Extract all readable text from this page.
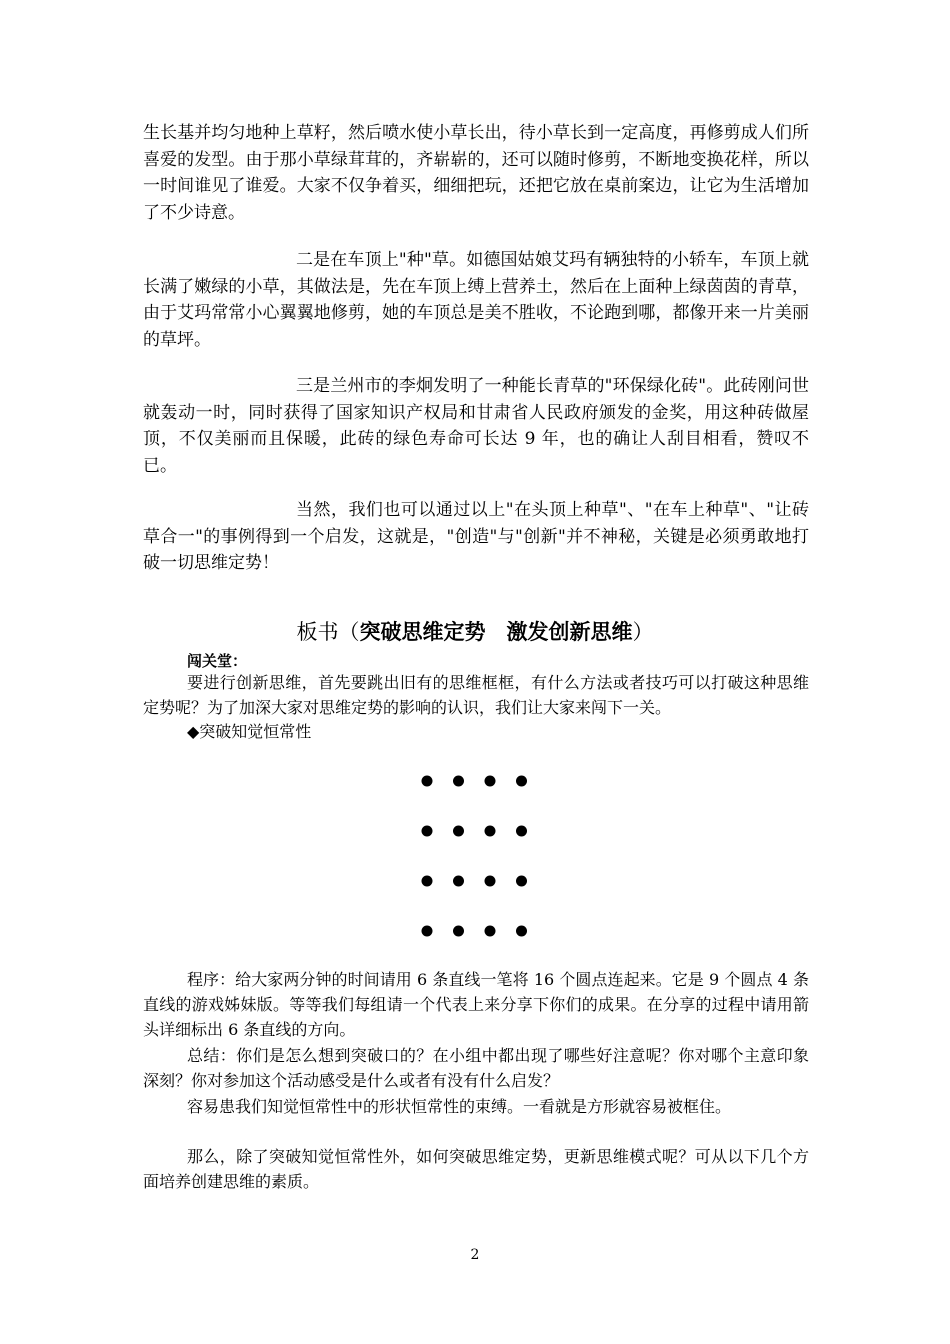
生长基并均匀地种上草籽，然后喷水使小草长出，待小草长到一定高度，再修剪成人们所喜爱的发型。由于那小草绿茸茸的，齐崭崭的，还可以随时修剪，不断地变换花样，所以一时间谁见了谁爱。大家不仅争着买，细细把玩，还把它放在桌前案边，让它为生活增加了不少诗意。
二是在车顶上"种"草。如德国姑娘艾玛有辆独特的小轿车，车顶上就长满了嫩绿的小草，其做法是，先在车顶上缚上营养土，然后在上面种上绿茵茵的青草，由于艾玛常常小心翼翼地修剪，她的车顶总是美不胜收，不论跑到哪，都像开来一片美丽的草坪。
三是兰州市的李炯发明了一种能长青草的"环保绿化砖"。此砖刚问世就轰动一时，同时获得了国家知识产权局和甘肃省人民政府颁发的金奖，用这种砖做屋顶，不仅美丽而且保暖，此砖的绿色寿命可长达 9 年，也的确让人刮目相看，赞叹不已。
当然，我们也可以通过以上"在头顶上种草"、"在车上种草"、"让砖草合一"的事例得到一个启发，这就是，"创造"与"创新"并不神秘，关键是必须勇敢地打破一切思维定势！
板书（突破思维定势　激发创新思维）
闯关堂：
要进行创新思维，首先要跳出旧有的思维框框，有什么方法或者技巧可以打破这种思维定势呢？为了加深大家对思维定势的影响的认识，我们让大家来闯下一关。
◆突破知觉恒常性
程序：给大家两分钟的时间请用 6 条直线一笔将 16 个圆点连起来。它是 9 个圆点 4 条直线的游戏姊妹版。等等我们每组请一个代表上来分享下你们的成果。在分享的过程中请用箭头详细标出 6 条直线的方向。
总结：你们是怎么想到突破口的？在小组中都出现了哪些好注意呢？你对哪个主意印象深刻？你对参加这个活动感受是什么或者有没有什么启发？
容易患我们知觉恒常性中的形状恒常性的束缚。一看就是方形就容易被框住。
那么，除了突破知觉恒常性外，如何突破思维定势，更新思维模式呢？可从以下几个方面培养创建思维的素质。
2
